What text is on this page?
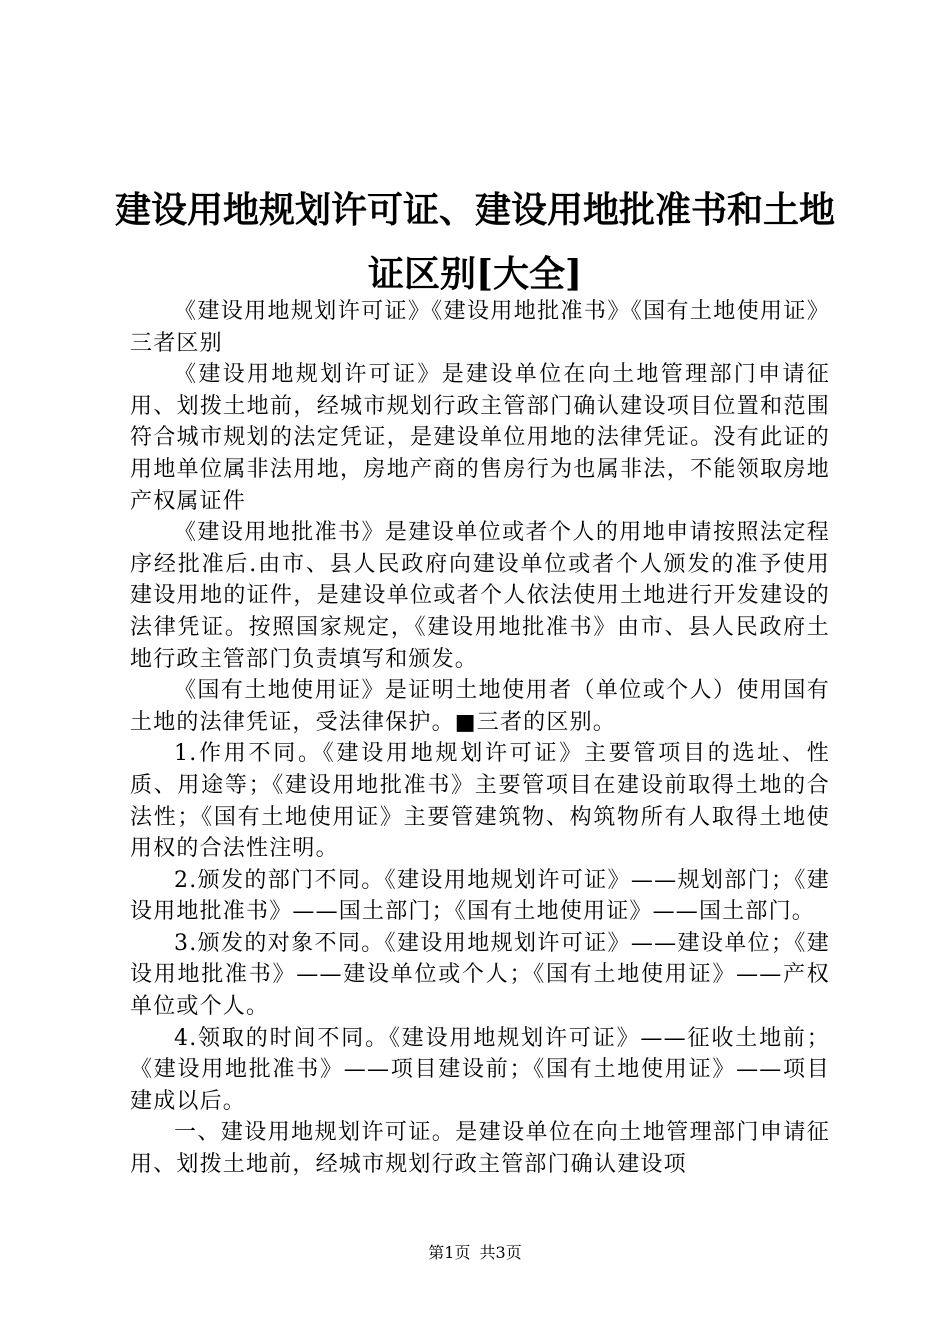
建设用地规划许可证、建设用地批准书和土地证区别[大全]

《建设用地规划许可证》《建设用地批准书》《国有土地使用证》三者区别

《建设用地规划许可证》是建设单位在向土地管理部门申请征用、划拨土地前，经城市规划行政主管部门确认建设项目位置和范围符合城市规划的法定凭证，是建设单位用地的法律凭证。没有此证的用地单位属非法用地，房地产商的售房行为也属非法，不能领取房地产权属证件

《建设用地批准书》是建设单位或者个人的用地申请按照法定程序经批准后.由市、县人民政府向建设单位或者个人颁发的准予使用建设用地的证件，是建设单位或者个人依法使用土地进行开发建设的法律凭证。按照国家规定，《建设用地批准书》由市、县人民政府土地行政主管部门负责填写和颁发。

《国有土地使用证》是证明土地使用者（单位或个人）使用国有土地的法律凭证，受法律保护。■三者的区别。

1.作用不同。《建设用地规划许可证》主要管项目的选址、性质、用途等；《建设用地批准书》主要管项目在建设前取得土地的合法性；《国有土地使用证》主要管建筑物、构筑物所有人取得土地使用权的合法性注明。

2.颁发的部门不同。《建设用地规划许可证》——规划部门；《建设用地批准书》——国土部门；《国有土地使用证》——国土部门。

3.颁发的对象不同。《建设用地规划许可证》——建设单位；《建设用地批准书》——建设单位或个人；《国有土地使用证》——产权单位或个人。

4.领取的时间不同。《建设用地规划许可证》——征收土地前；《建设用地批准书》——项目建设前；《国有土地使用证》——项目建成以后。

一、建设用地规划许可证。是建设单位在向土地管理部门申请征用、划拨土地前，经城市规划行政主管部门确认建设项

第1页 共3页
